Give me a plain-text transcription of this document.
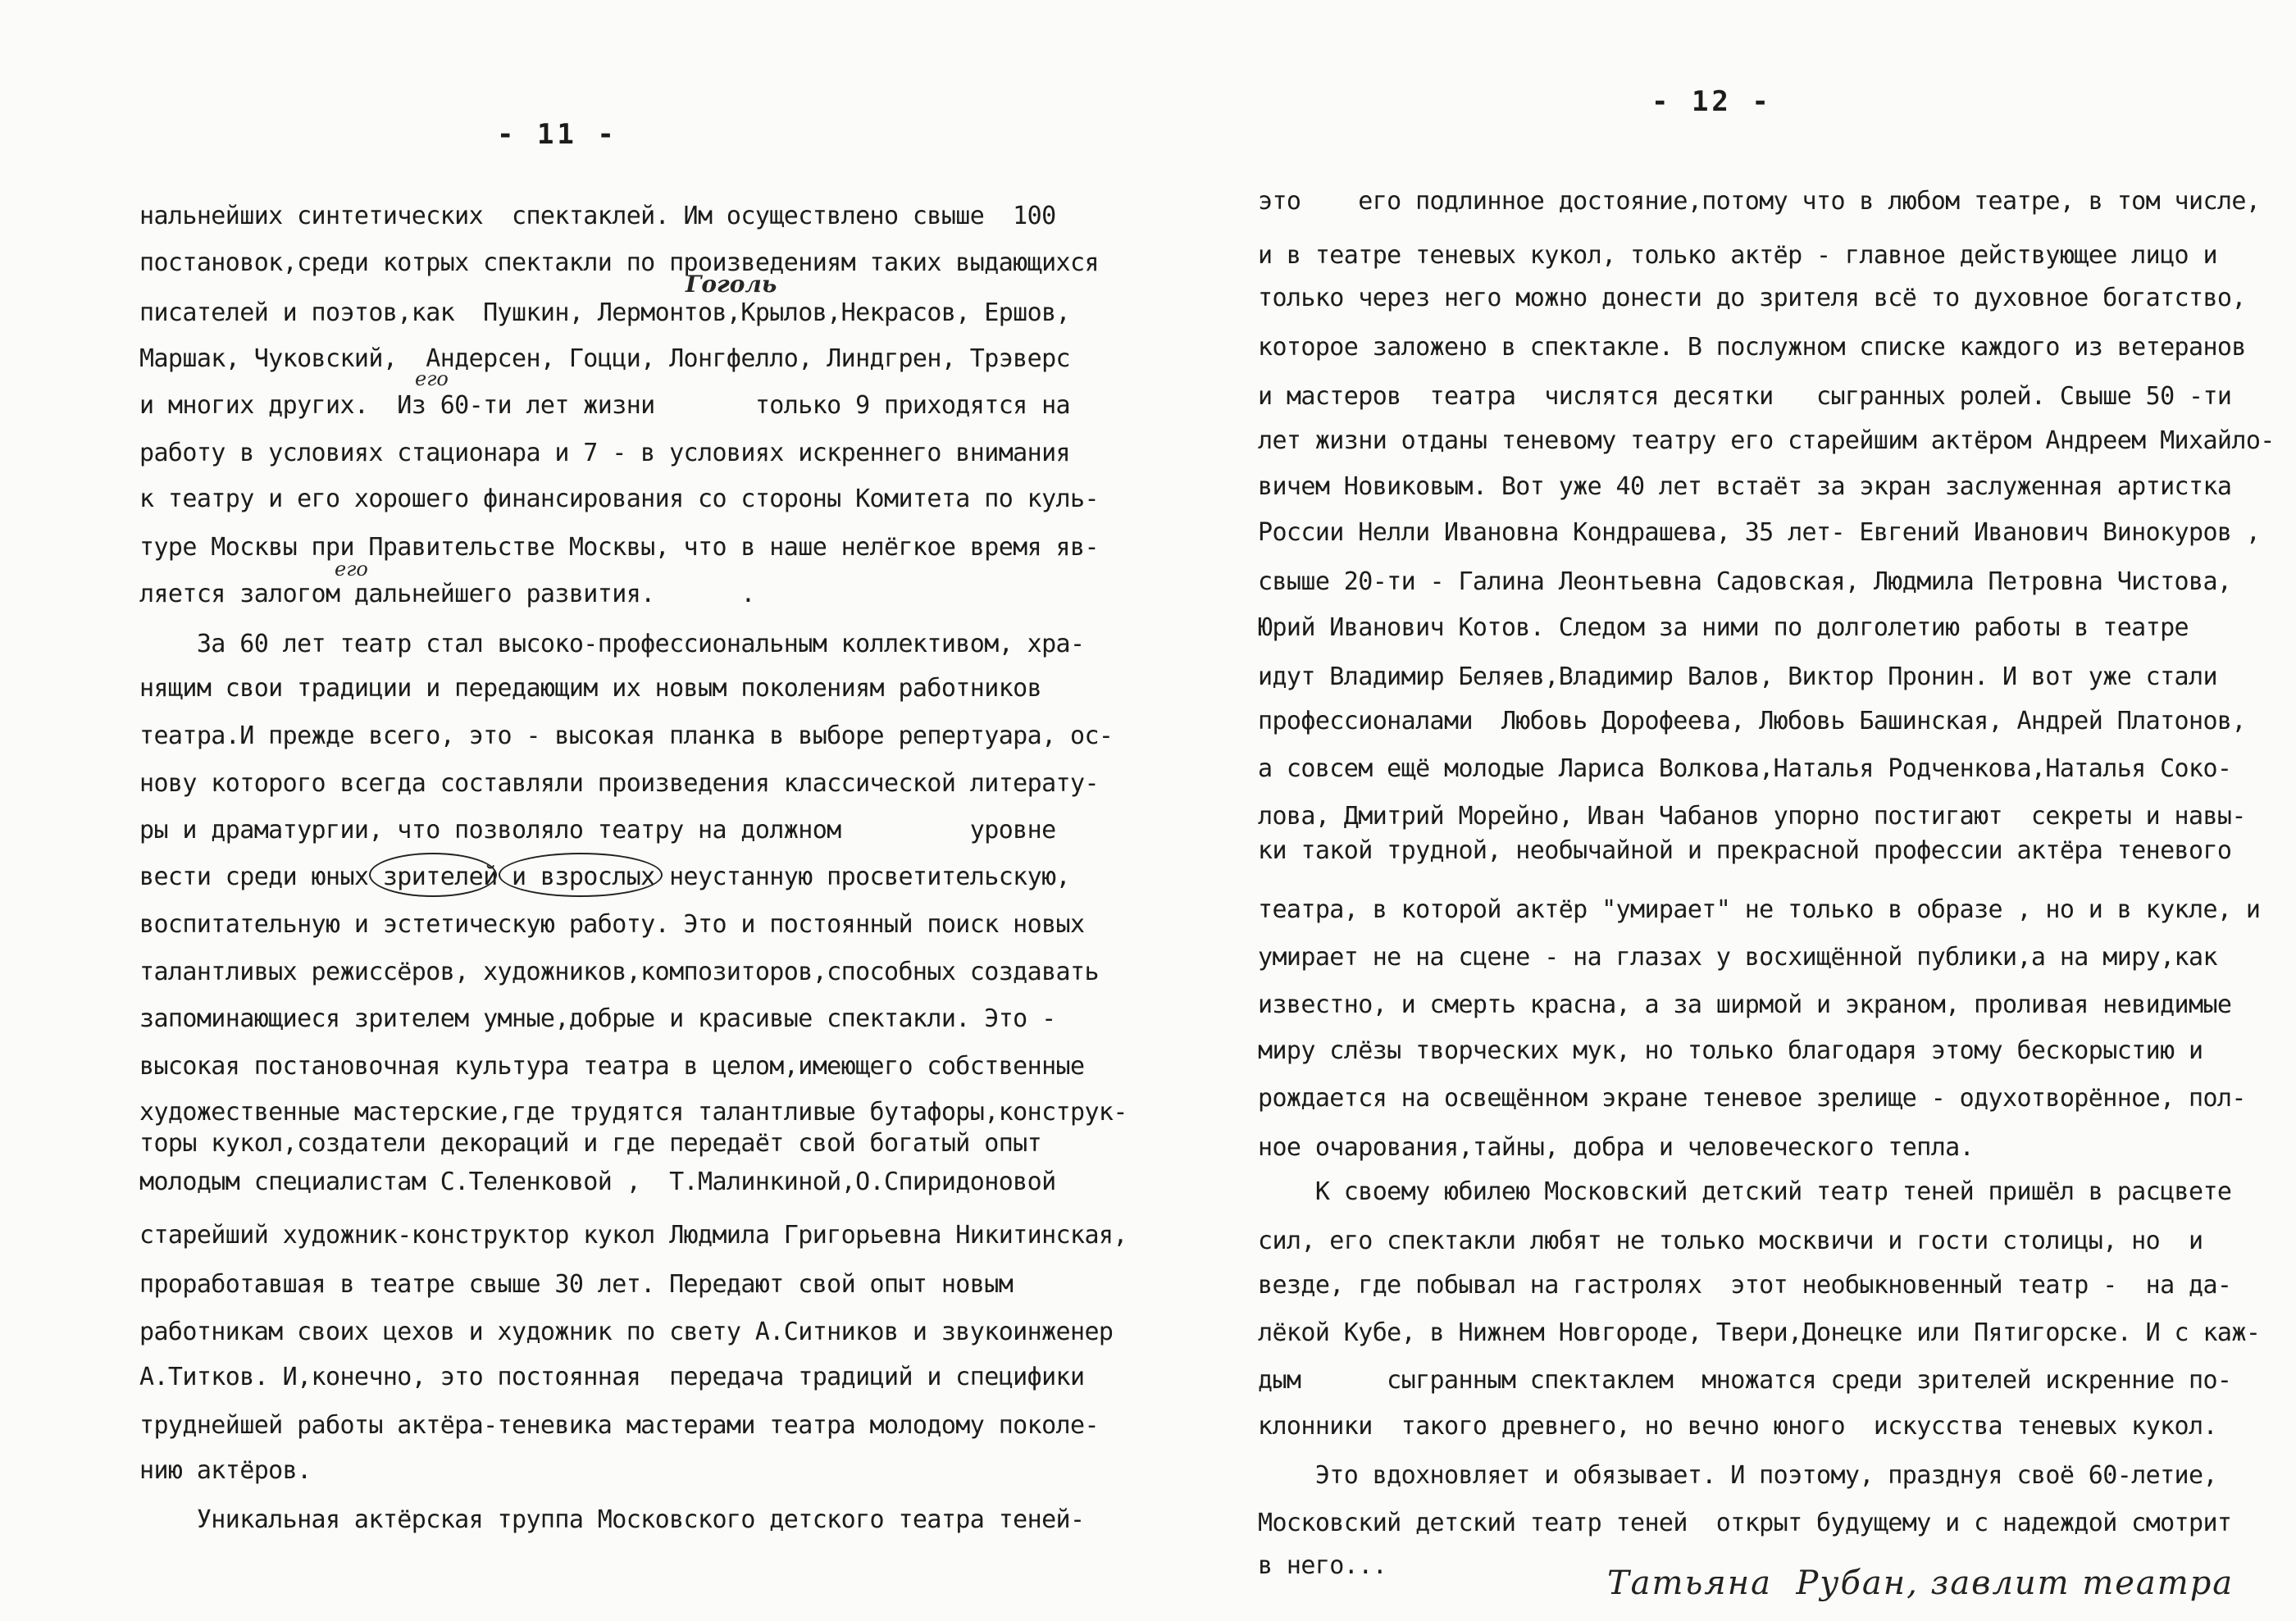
- 11 -
нальнейших синтетических  спектаклей. Им осуществлено свыше  100
постановок,среди котрых спектакли по произведениям таких выдающихся
писателей и поэтов,как  Пушкин, Лермонтов,Крылов,Некрасов, Ершов,
Маршак, Чуковский,  Андерсен, Гоцци, Лонгфелло, Линдгрен, Трэверс
и многих других.  Из 60-ти лет жизни       только 9 приходятся на
работу в условиях стационара и 7 - в условиях искреннего внимания
к театру и его хорошего финансирования со стороны Комитета по куль-
туре Москвы при Правительстве Москвы, что в наше нелёгкое время яв-
ляется залогом дальнейшего развития.      .
За 60 лет театр стал высоко-профессиональным коллективом, хра-
нящим свои традиции и передающим их новым поколениям работников
театра.И прежде всего, это - высокая планка в выборе репертуара, ос-
нову которого всегда составляли произведения классической литерату-
ры и драматургии, что позволяло театру на должном         уровне
вести среди юных зрителей и взрослых неустанную просветительскую,
воспитательную и эстетическую работу. Это и постоянный поиск новых
талантливых режиссёров, художников,композиторов,способных создавать
запоминающиеся зрителем умные,добрые и красивые спектакли. Это -
высокая постановочная культура театра в целом,имеющего собственные
художественные мастерские,где трудятся талантливые бутафоры,конструк-
торы кукол,создатели декораций и где передаёт свой богатый опыт
молодым специалистам С.Теленковой ,  Т.Малинкиной,О.Спиридоновой
старейший художник-конструктор кукол Людмила Григорьевна Никитинская,
проработавшая в театре свыше 30 лет. Передают свой опыт новым
работникам своих цехов и художник по свету А.Ситников и звукоинженер
А.Титков. И,конечно, это постоянная  передача традиций и специфики
труднейшей работы актёра-теневика мастерами театра молодому поколе-
нию актёров.
Уникальная актёрская труппа Московского детского театра теней-
Гоголь
его
его
- 12 -
это    его подлинное достояние,потому что в любом театре, в том числе,
и в театре теневых кукол, только актёр - главное действующее лицо и
только через него можно донести до зрителя всё то духовное богатство,
которое заложено в спектакле. В послужном списке каждого из ветеранов
и мастеров  театра  числятся десятки   сыгранных ролей. Свыше 50 -ти
лет жизни отданы теневому театру его старейшим актёром Андреем Михайло-
вичем Новиковым. Вот уже 40 лет встаёт за экран заслуженная артистка
России Нелли Ивановна Кондрашева, 35 лет- Евгений Иванович Винокуров ,
свыше 20-ти - Галина Леонтьевна Садовская, Людмила Петровна Чистова,
Юрий Иванович Котов. Следом за ними по долголетию работы в театре
идут Владимир Беляев,Владимир Валов, Виктор Пронин. И вот уже стали
профессионалами  Любовь Дорофеева, Любовь Башинская, Андрей Платонов,
а совсем ещё молодые Лариса Волкова,Наталья Родченкова,Наталья Соко-
лова, Дмитрий Морейно, Иван Чабанов упорно постигают  секреты и навы-
ки такой трудной, необычайной и прекрасной профессии актёра теневого
театра, в которой актёр "умирает" не только в образе , но и в кукле, и
умирает не на сцене - на глазах у восхищённой публики,а на миру,как
известно, и смерть красна, а за ширмой и экраном, проливая невидимые
миру слёзы творческих мук, но только благодаря этому бескорыстию и
рождается на освещённом экране теневое зрелище - одухотворённое, пол-
ное очарования,тайны, добра и человеческого тепла.
К своему юбилею Московский детский театр теней пришёл в расцвете
сил, его спектакли любят не только москвичи и гости столицы, но  и
везде, где побывал на гастролях  этот необыкновенный театр -  на да-
лёкой Кубе, в Нижнем Новгороде, Твери,Донецке или Пятигорске. И с каж-
дым      сыгранным спектаклем  множатся среди зрителей искренние по-
клонники  такого древнего, но вечно юного  искусства теневых кукол.
Это вдохновляет и обязывает. И поэтому, празднуя своё 60-летие,
Московский детский театр теней  открыт будущему и с надеждой смотрит
в него...	Татьяна  Рубан, завлит театра
